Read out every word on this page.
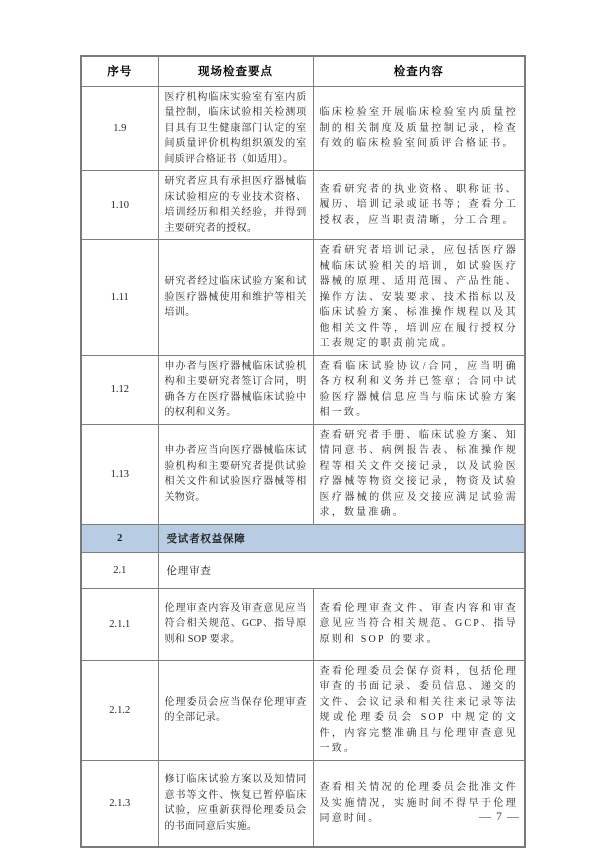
序号	现场检查要点	检查内容
1.9	医疗机构临床实验室有室内质量控制，临床试验相关检测项目具有卫生健康部门认定的室间质量评价机构组织颁发的室间质评合格证书（如适用）。	临床检验室开展临床检验室内质量控制的相关制度及质量控制记录，检查有效的临床检验室间质评合格证书。
1.10	研究者应具有承担医疗器械临床试验相应的专业技术资格、培训经历和相关经验，并得到主要研究者的授权。	查看研究者的执业资格、职称证书、履历、培训记录或证书等；查看分工授权表，应当职责清晰，分工合理。
1.11	研究者经过临床试验方案和试验医疗器械使用和维护等相关培训。	查看研究者培训记录，应包括医疗器械临床试验相关的培训，如试验医疗器械的原理、适用范围、产品性能、操作方法、安装要求、技术指标以及临床试验方案、标准操作规程以及其他相关文件等，培训应在履行授权分工表规定的职责前完成。
1.12	申办者与医疗器械临床试验机构和主要研究者签订合同，明确各方在医疗器械临床试验中的权利和义务。	查看临床试验协议/合同，应当明确各方权利和义务并已签章；合同中试验医疗器械信息应当与临床试验方案相一致。
1.13	申办者应当向医疗器械临床试验机构和主要研究者提供试验相关文件和试验医疗器械等相关物资。	查看研究者手册、临床试验方案、知情同意书、病例报告表、标准操作规程等相关文件交接记录，以及试验医疗器械等物资交接记录，物资及试验医疗器械的供应及交接应满足试验需求，数量准确。
2	受试者权益保障	
2.1	伦理审查	
2.1.1	伦理审查内容及审查意见应当符合相关规范、GCP、指导原则和 SOP 要求。	查看伦理审查文件、审查内容和审查意见应当符合相关规范、GCP、指导原则和 SOP 的要求。
2.1.2	伦理委员会应当保存伦理审查的全部记录。	查看伦理委员会保存资料，包括伦理审查的书面记录、委员信息、递交的文件、会议记录和相关往来记录等法规或伦理委员会 SOP 中规定的文件，内容完整准确且与伦理审查意见一致。
2.1.3	修订临床试验方案以及知情同意书等文件、恢复已暂停临床试验，应重新获得伦理委员会的书面同意后实施。	查看相关情况的伦理委员会批准文件及实施情况，实施时间不得早于伦理同意时间。	— 7 —
